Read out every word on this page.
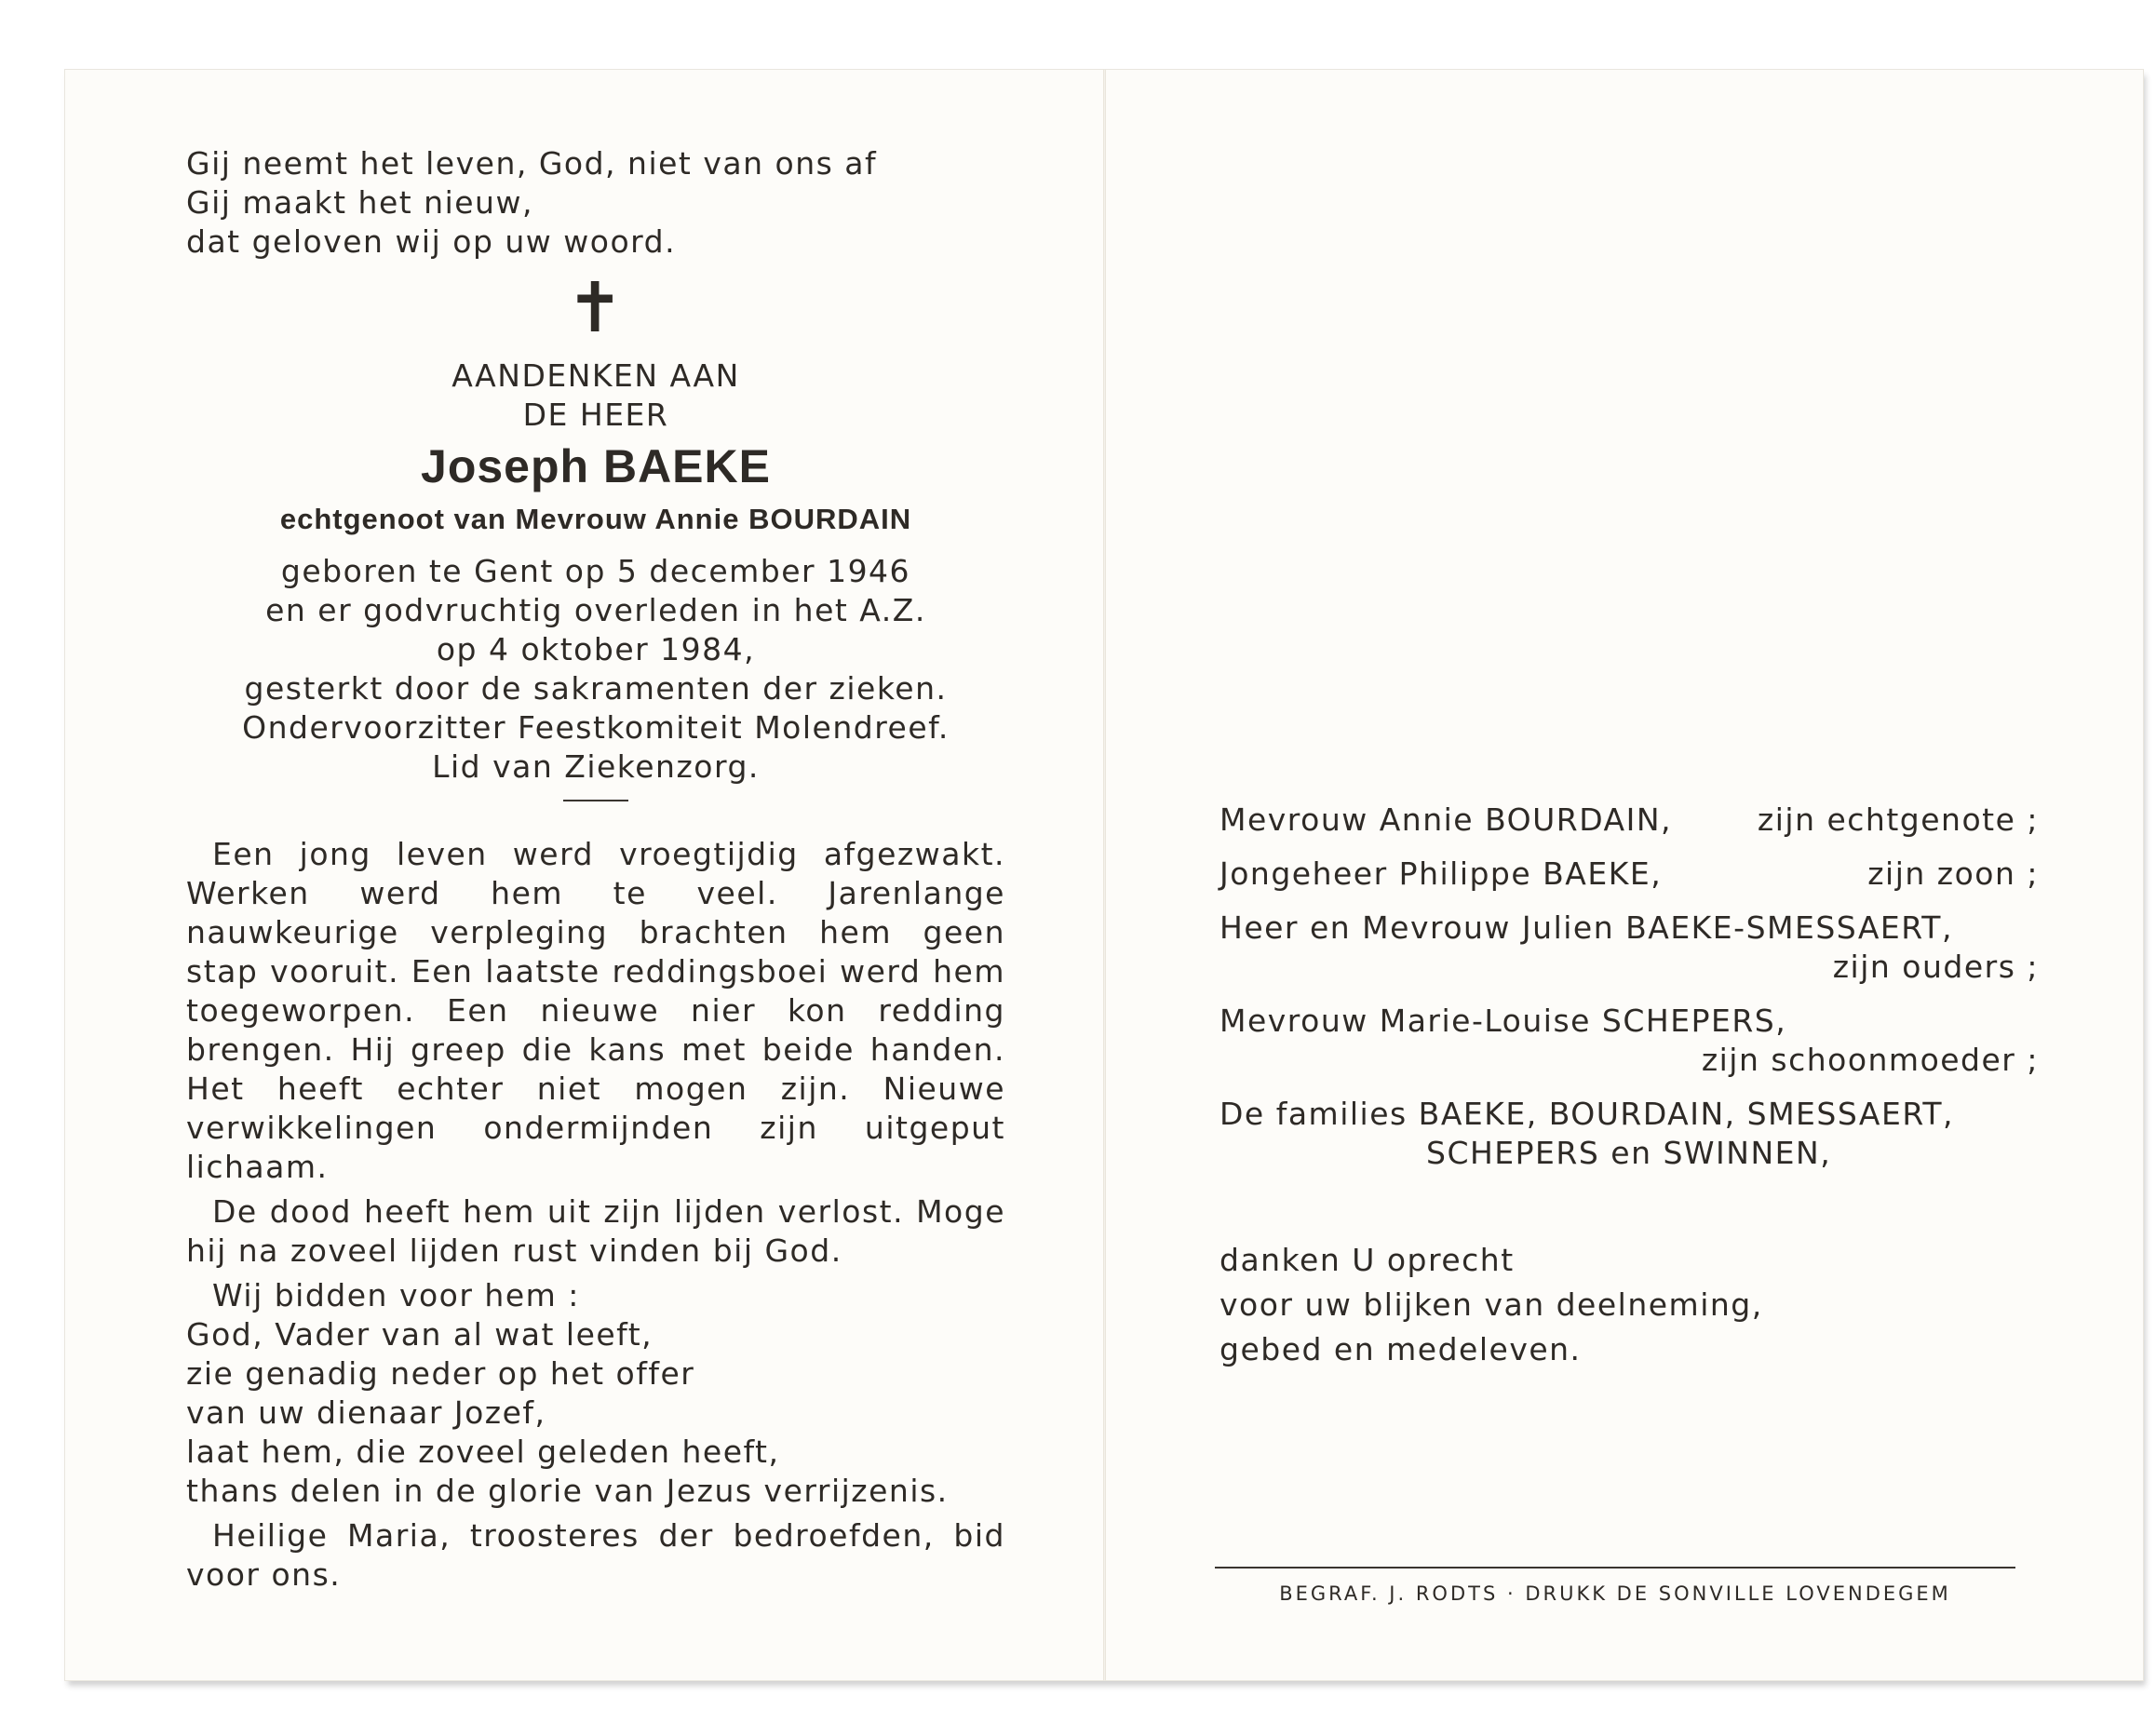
Gij neemt het leven, God, niet van ons af
Gij maakt het nieuw,
dat geloven wij op uw woord.
✝
AANDENKEN AAN
DE HEER
Joseph BAEKE
echtgenoot van Mevrouw Annie BOURDAIN
geboren te Gent op 5 december 1946
en er godvruchtig overleden in het A.Z.
op 4 oktober 1984,
gesterkt door de sakramenten der zieken.
Ondervoorzitter Feestkomiteit Molendreef.
Lid van Ziekenzorg.
Een jong leven werd vroegtijdig afgezwakt. Werken werd hem te veel. Jarenlange nauwkeurige verpleging brachten hem geen stap vooruit. Een laatste reddingsboei werd hem toegeworpen. Een nieuwe nier kon redding brengen. Hij greep die kans met beide handen. Het heeft echter niet mogen zijn. Nieuwe verwikkelingen ondermijnden zijn uitgeput lichaam.
De dood heeft hem uit zijn lijden verlost. Moge hij na zoveel lijden rust vinden bij God.
Wij bidden voor hem :
God, Vader van al wat leeft,
zie genadig neder op het offer
van uw dienaar Jozef,
laat hem, die zoveel geleden heeft,
thans delen in de glorie van Jezus verrijzenis.
Heilige Maria, troosteres der bedroefden, bid voor ons.
Mevrouw Annie BOURDAIN,	zijn echtgenote ;
Jongeheer Philippe BAEKE,	zijn zoon ;
Heer en Mevrouw Julien BAEKE-SMESSAERT,
zijn ouders ;
Mevrouw Marie-Louise SCHEPERS,
zijn schoonmoeder ;
De families BAEKE, BOURDAIN, SMESSAERT,
SCHEPERS en SWINNEN,
danken U oprecht
voor uw blijken van deelneming,
gebed en medeleven.
BEGRAF. J. RODTS · DRUKK DE SONVILLE LOVENDEGEM
